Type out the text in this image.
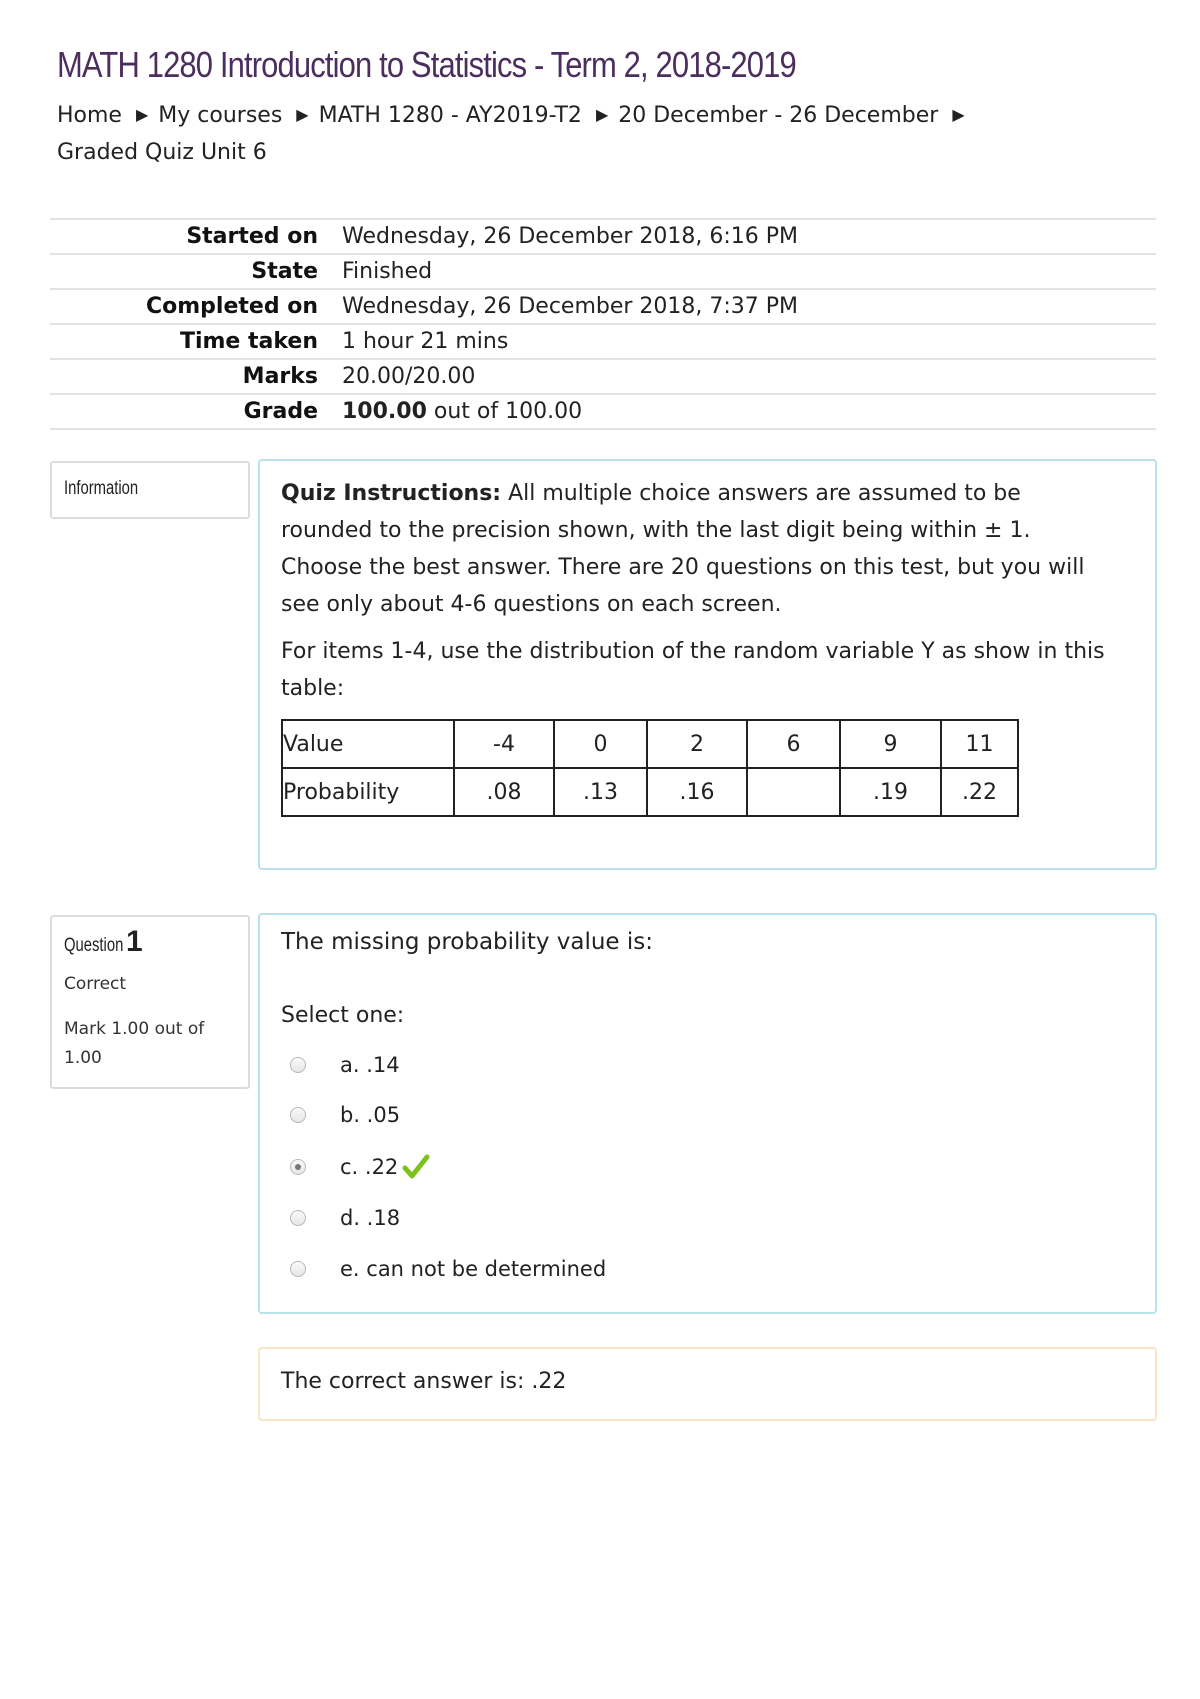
MATH 1280 Introduction to Statistics - Term 2, 2018-2019
Home ▶ My courses ▶ MATH 1280 - AY2019-T2 ▶ 20 December - 26 December ▶
Graded Quiz Unit 6
Started on	Wednesday, 26 December 2018, 6:16 PM
State	Finished
Completed on	Wednesday, 26 December 2018, 7:37 PM
Time taken	1 hour 21 mins
Marks	20.00/20.00
Grade	100.00 out of 100.00
Information	Quiz Instructions: All multiple choice answers are assumed to be rounded to the precision shown, with the last digit being within ± 1. Choose the best answer. There are 20 questions on this test, but you will see only about 4-6 questions on each screen.

For items 1-4, use the distribution of the random variable Y as show in this table:

Value	-4	0	2	6	9	11
Probability	.08	.13	.16		.19	.22
Question1
Correct
Mark 1.00 out of 1.00
The missing probability value is:
Select one:
a. .14
b. .05
c. .22
d. .18
e. can not be determined
The correct answer is: .22
